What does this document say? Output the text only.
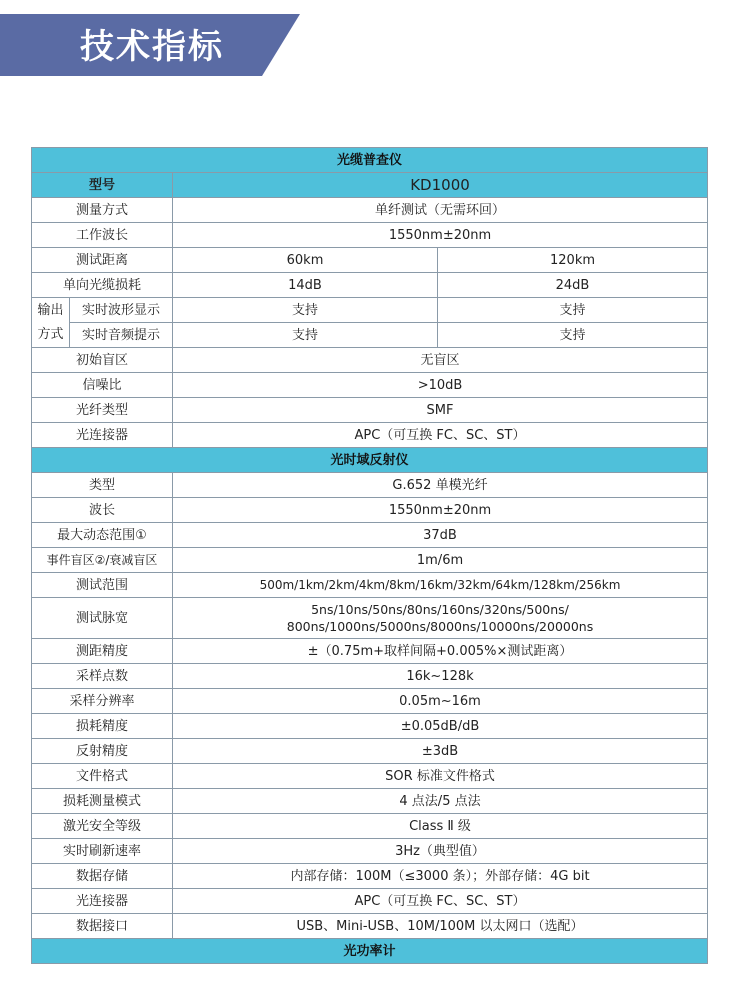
技术指标
光缆普查仪			
型号		KD1000	
测量方式		单纤测试（无需环回）	
工作波长		1550nm±20nm	
测试距离		60km	120km
单向光缆损耗		14dB	24dB
输出方式	实时波形显示	支持	支持
	实时音频提示	支持	支持
初始盲区		无盲区	
信噪比		>10dB	
光纤类型		SMF	
光连接器		APC（可互换 FC、SC、ST）	
光时域反射仪			
类型		G.652 单模光纤	
波长		1550nm±20nm	
最大动态范围①		37dB	
事件盲区②/衰减盲区		1m/6m	
测试范围		500m/1km/2km/4km/8km/16km/32km/64km/128km/256km	
测试脉宽		5ns/10ns/50ns/80ns/160ns/320ns/500ns/
800ns/1000ns/5000ns/8000ns/10000ns/20000ns	

测距精度		±（0.75m+取样间隔+0.005%×测试距离）	
采样点数		16k~128k	
采样分辨率		0.05m~16m	
损耗精度		±0.05dB/dB	
反射精度		±3dB	
文件格式		SOR 标准文件格式	
损耗测量模式		4 点法/5 点法	
激光安全等级		Class Ⅱ 级	
实时刷新速率		3Hz（典型值）	
数据存储		内部存储：100M（≤3000 条）；外部存储：4G bit	
光连接器		APC（可互换 FC、SC、ST）	
数据接口		USB、Mini-USB、10M/100M 以太网口（选配）	
光功率计			
